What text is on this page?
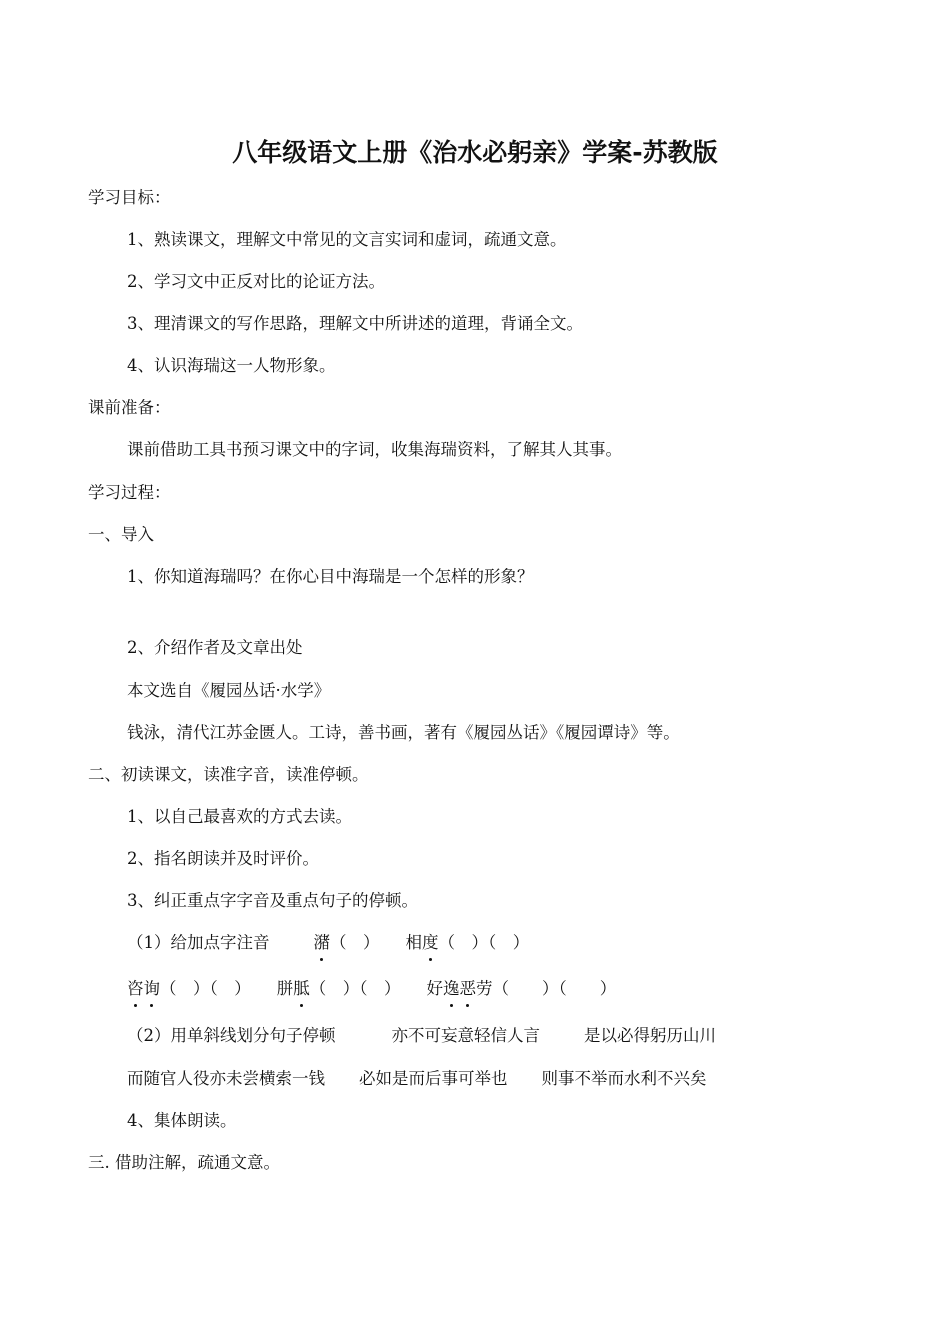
八年级语文上册《治水必躬亲》学案-苏教版
学习目标：
1、熟读课文，理解文中常见的文言实词和虚词，疏通文意。
2、学习文中正反对比的论证方法。
3、理清课文的写作思路，理解文中所讲述的道理，背诵全文。
4、认识海瑞这一人物形象。
课前准备：
课前借助工具书预习课文中的字词，收集海瑞资料，了解其人其事。
学习过程：
一、导入
1、你知道海瑞吗？在你心目中海瑞是一个怎样的形象？
2、介绍作者及文章出处
本文选自《履园丛话·水学》
钱泳，清代江苏金匮人。工诗，善书画，著有《履园丛话》《履园谭诗》等。
二、初读课文，读准字音，读准停顿。
1、以自己最喜欢的方式去读。
2、指名朗读并及时评价。
3、纠正重点字字音及重点句子的停顿。
（1）给加点字注音	潴（　） 相度（　）（　）
咨询（　）（　） 胼胝（　）（　） 好逸恶劳（　　）（　　）
（2）用单斜线划分句子停顿	亦不可妄意轻信人言	是以必得躬历山川
而随官人役亦未尝横索一钱 必如是而后事可举也 则事不举而水利不兴矣
4、集体朗读。
三. 借助注解，疏通文意。
